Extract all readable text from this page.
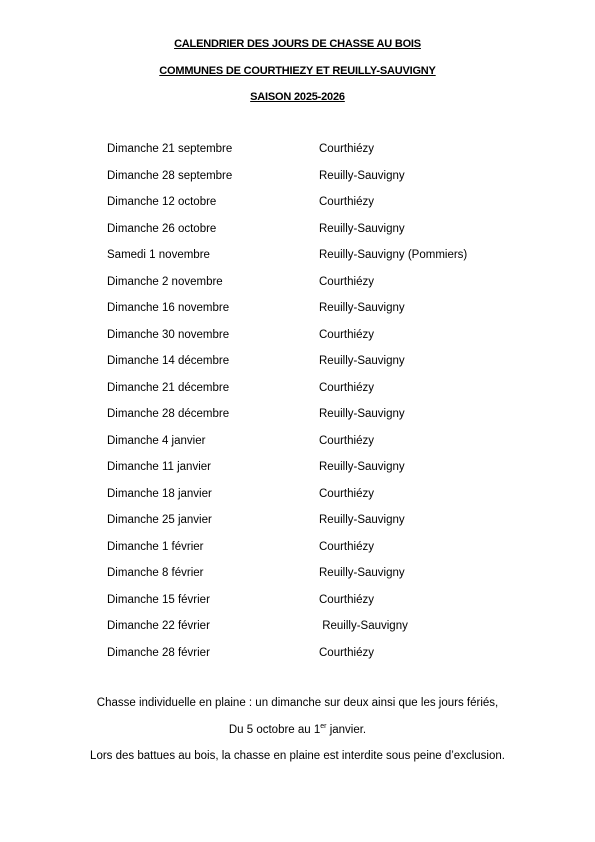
CALENDRIER DES JOURS DE CHASSE AU BOIS
COMMUNES DE COURTHIEZY ET REUILLY-SAUVIGNY
SAISON 2025-2026
Dimanche 21 septembre	Courthiézy
Dimanche 28 septembre	Reuilly-Sauvigny
Dimanche 12 octobre	Courthiézy
Dimanche 26 octobre	Reuilly-Sauvigny
Samedi 1 novembre	Reuilly-Sauvigny (Pommiers)
Dimanche 2 novembre	Courthiézy
Dimanche 16 novembre	Reuilly-Sauvigny
Dimanche 30 novembre	Courthiézy
Dimanche 14 décembre	Reuilly-Sauvigny
Dimanche 21 décembre	Courthiézy
Dimanche 28 décembre	Reuilly-Sauvigny
Dimanche 4 janvier	Courthiézy
Dimanche 11 janvier	Reuilly-Sauvigny
Dimanche 18 janvier	Courthiézy
Dimanche 25 janvier	Reuilly-Sauvigny
Dimanche 1 février	Courthiézy
Dimanche 8 février	Reuilly-Sauvigny
Dimanche 15 février	Courthiézy
Dimanche 22 février	Reuilly-Sauvigny
Dimanche 28 février	Courthiézy
Chasse individuelle en plaine : un dimanche sur deux ainsi que les jours fériés,
Du 5 octobre au 1er janvier.
Lors des battues au bois, la chasse en plaine est interdite sous peine d’exclusion.
